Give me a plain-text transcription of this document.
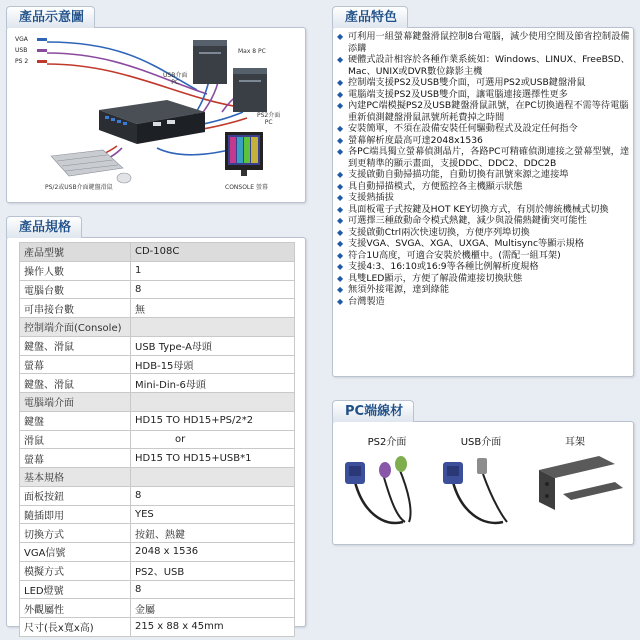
產品示意圖
VGA
USB
PS 2
Max 8 PC
USB介面
PC
PS2介面
PC
PS/2或USB介面鍵盤滑鼠	CONSOLE 螢幕
產品規格
產品型號	CD-108C
操作人數	1
電腦台數	8
可串接台數	無
控制端介面(Console)	
鍵盤、滑鼠	USB Type-A母頭
螢幕	HDB-15母頭
鍵盤、滑鼠	Mini-Din-6母頭
電腦端介面	
鍵盤	HD15 TO HD15+PS/2*2
滑鼠	or
螢幕	HD15 TO HD15+USB*1
基本規格	
面板按鈕	8
隨插即用	YES
切換方式	按鈕、熱鍵
VGA信號	2048 x 1536
模擬方式	PS2、USB
LED燈號	8
外觀屬性	金屬
尺寸(長x寬x高)	215 x 88 x 45mm
產品特色
◆ 可利用一組螢幕鍵盤滑鼠控制8台電腦，減少使用空間及節省控制設備添購
◆ 硬體式設計相容於各種作業系統如：Windows、LINUX、FreeBSD、Mac、UNIX或DVR數位錄影主機
◆ 控制端支援PS2及USB雙介面，可選用PS2或USB鍵盤滑鼠
◆ 電腦端支援PS2及USB雙介面，讓電腦連接選擇性更多
◆ 內建PC端模擬PS2及USB鍵盤滑鼠訊號，在PC切換過程不需等待電腦重新偵測鍵盤滑鼠訊號所耗費掉之時間
◆ 安裝簡單，不須在設備安裝任何驅動程式及設定任何指令
◆ 螢幕解析度最高可達2048x1536
◆ 各PC端具獨立螢幕偵測晶片，各路PC可精確偵測連接之螢幕型號，達到更精準的顯示畫面，支援DDC、DDC2、DDC2B
◆ 支援啟動自動掃描功能，自動切換有訊號來源之連接埠
◆ 具自動掃描模式，方便監控各主機顯示狀態
◆ 支援熱插拔
◆ 具面板電子式按鍵及HOT KEY切換方式，有別於傳統機械式切換
◆ 可選擇三種啟動命令模式熱鍵，減少與設備熱鍵衝突可能性
◆ 支援啟動Ctrl兩次快速切換，方便序列埠切換
◆ 支援VGA、SVGA、XGA、UXGA、Multisync等顯示規格
◆ 符合1U高度，可適合安裝於機櫃中。(需配一組耳架)
◆ 支援4:3、16:10或16:9等各種比例解析度規格
◆ 具雙LED顯示，方便了解設備連接切換狀態
◆ 無須外接電源，達到綠能
◆ 台灣製造
PC端線材
PS2介面	USB介面	耳架
